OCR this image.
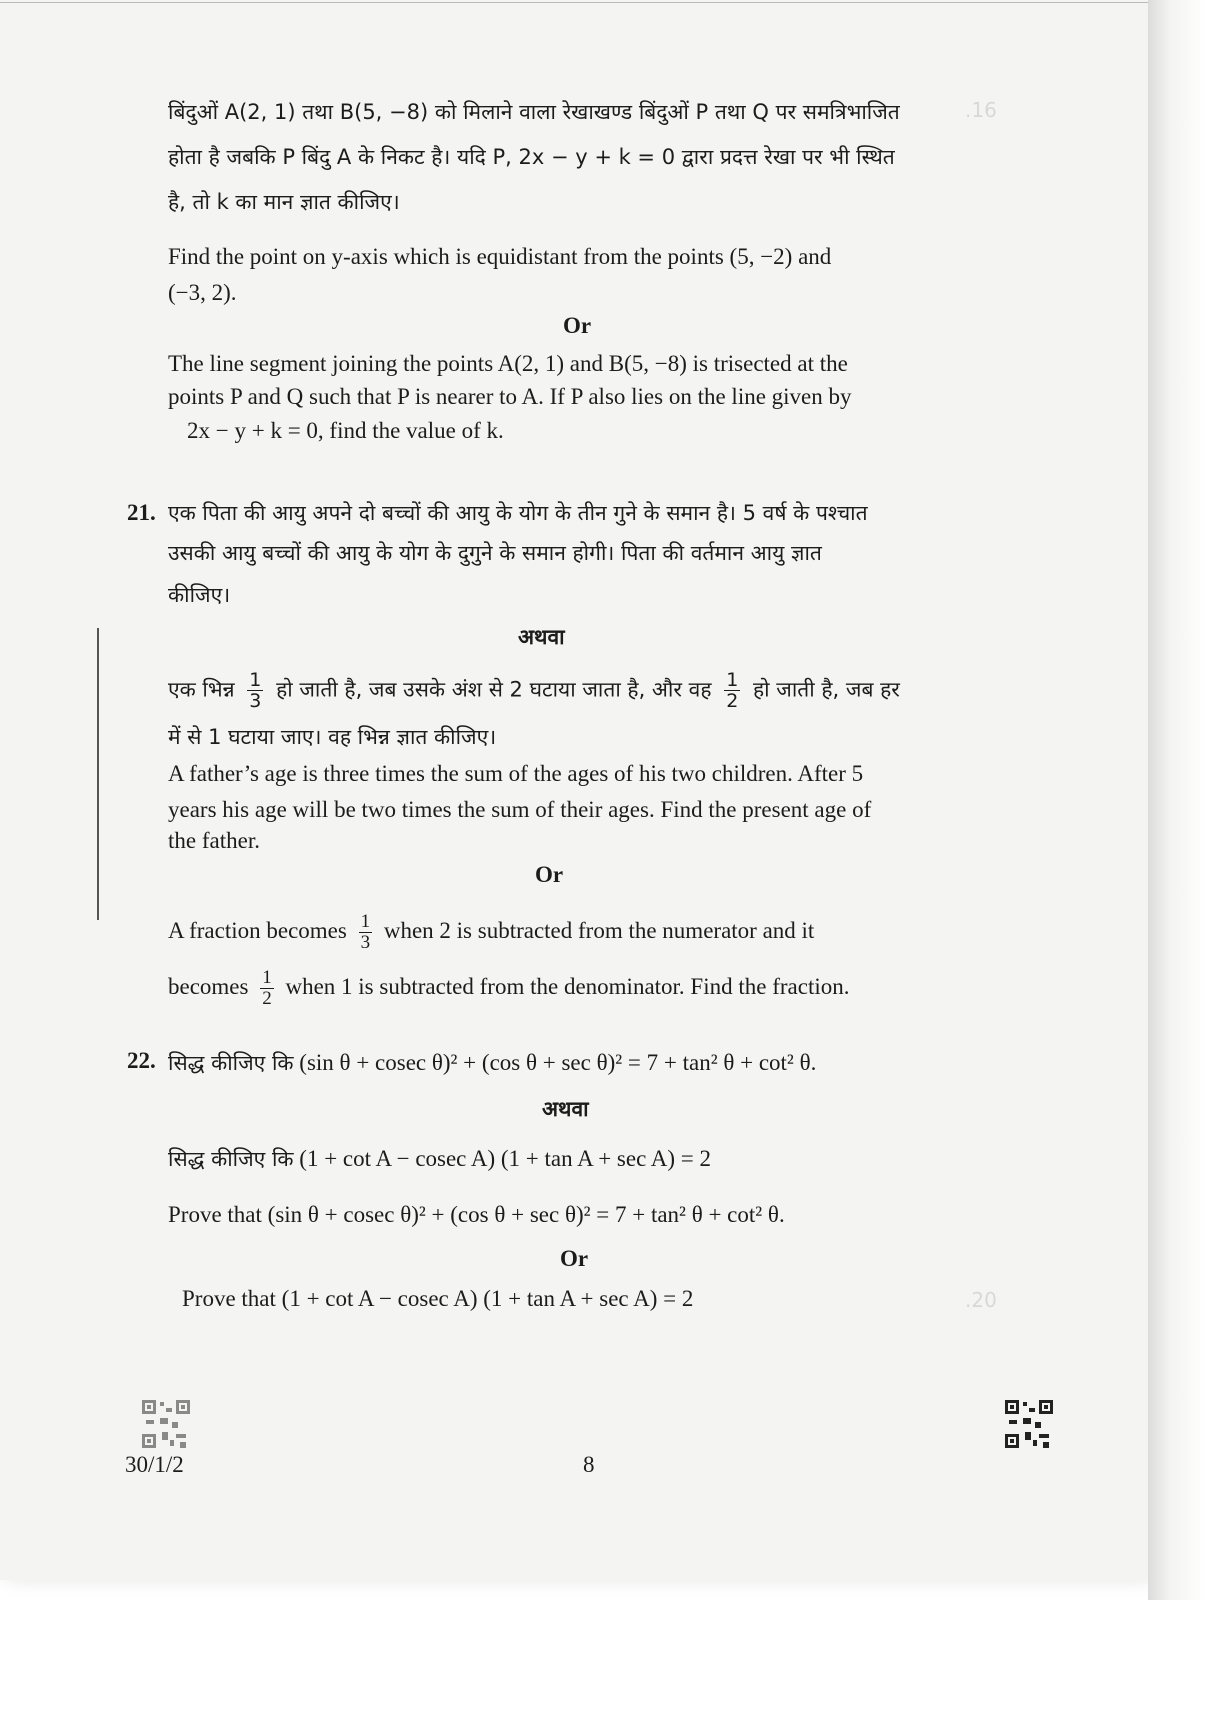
.16
.20
बिंदुओं A(2, 1) तथा B(5, −8) को मिलाने वाला रेखाखण्ड बिंदुओं P तथा Q पर समत्रिभाजित
होता है जबकि P बिंदु A के निकट है। यदि P, 2x − y + k = 0 द्वारा प्रदत्त रेखा पर भी स्थित
है, तो k का मान ज्ञात कीजिए।
Find the point on y-axis which is equidistant from the points (5, −2) and
(−3, 2).
Or
The line segment joining the points A(2, 1) and B(5, −8) is trisected at the
points P and Q such that P is nearer to A. If P also lies on the line given by
2x − y + k = 0, find the value of k.
21. एक पिता की आयु अपने दो बच्चों की आयु के योग के तीन गुने के समान है। 5 वर्ष के पश्चात
उसकी आयु बच्चों की आयु के योग के दुगुने के समान होगी। पिता की वर्तमान आयु ज्ञात
कीजिए।
अथवा
एक भिन्न $\frac{1}{3}$ हो जाती है, जब उसके अंश से 2 घटाया जाता है, और वह $\frac{1}{2}$ हो जाती है, जब हर
में से 1 घटाया जाए। वह भिन्न ज्ञात कीजिए।
A father’s age is three times the sum of the ages of his two children. After 5
years his age will be two times the sum of their ages. Find the present age of
the father.
Or
A fraction becomes $\frac{1}{3}$ when 2 is subtracted from the numerator and it
becomes $\frac{1}{2}$ when 1 is subtracted from the denominator. Find the fraction.
22. सिद्ध कीजिए कि (sin θ + cosec θ)² + (cos θ + sec θ)² = 7 + tan² θ + cot² θ.
अथवा
सिद्ध कीजिए कि (1 + cot A − cosec A) (1 + tan A + sec A) = 2
Prove that (sin θ + cosec θ)² + (cos θ + sec θ)² = 7 + tan² θ + cot² θ.
Or
Prove that (1 + cot A − cosec A) (1 + tan A + sec A) = 2
30/1/2	8
